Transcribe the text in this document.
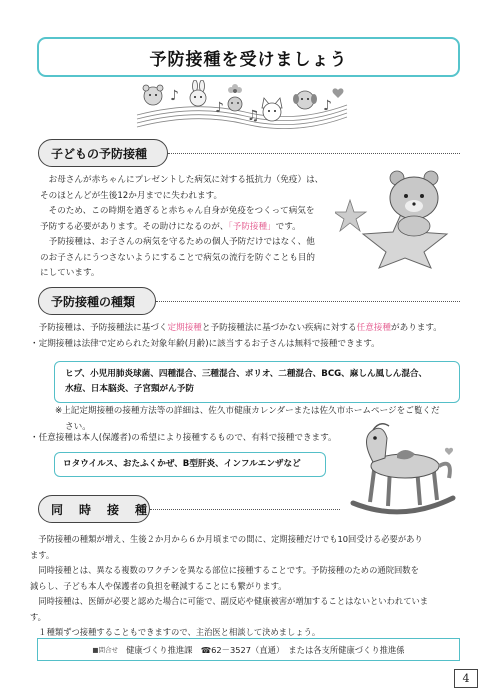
予防接種を受けましょう
♪
♪ ♫
♪
子どもの予防接種

　お母さんが赤ちゃんにプレゼントした病気に対する抵抗力（免疫）は、

そのほとんどが生後12か月までに失われます。

　そのため、この時期を過ぎると赤ちゃん自身が免疫をつくって病気を

予防する必要があります。その助けになるのが、「予防接種」です。

　予防接種は、お子さんの病気を守るための個人予防だけではなく、他

のお子さんにうつさないようにすることで病気の流行を防ぐことも目的

にしています。

予防接種の種類

　予防接種は、予防接種法に基づく定期接種と予防接種法に基づかない疾病に対する任意接種があります。

・定期接種は法律で定められた対象年齢(月齢)に該当するお子さんは無料で接種できます。

ヒブ、小児用肺炎球菌、四種混合、三種混合、ポリオ、二種混合、BCG、麻しん風しん混合、
水痘、日本脳炎、子宮頸がん予防

※上記定期接種の接種方法等の詳細は、佐久市健康カレンダーまたは佐久市ホームページをご覧くだ

さい。

・任意接種は本人(保護者)の希望により接種するもので、有料で接種できます。

ロタウイルス、おたふくかぜ、B型肝炎、インフルエンザなど
同　時　接　種

　予防接種の種類が増え、生後２か月から６か月頃までの間に、定期接種だけでも10回受ける必要があり

ます。

　同時接種とは、異なる複数のワクチンを異なる部位に接種することです。予防接種のための通院回数を

減らし、子ども本人や保護者の負担を軽減することにも繋がります。

　同時接種は、医師が必要と認めた場合に可能で、副反応や健康被害が増加することはないといわれていま

す。

　１種類ずつ接種することもできますので、主治医と相談して決めましょう。

■問合せ 健康づくり推進課　☎62－3527（直通）　または各支所健康づくり推進係
4
